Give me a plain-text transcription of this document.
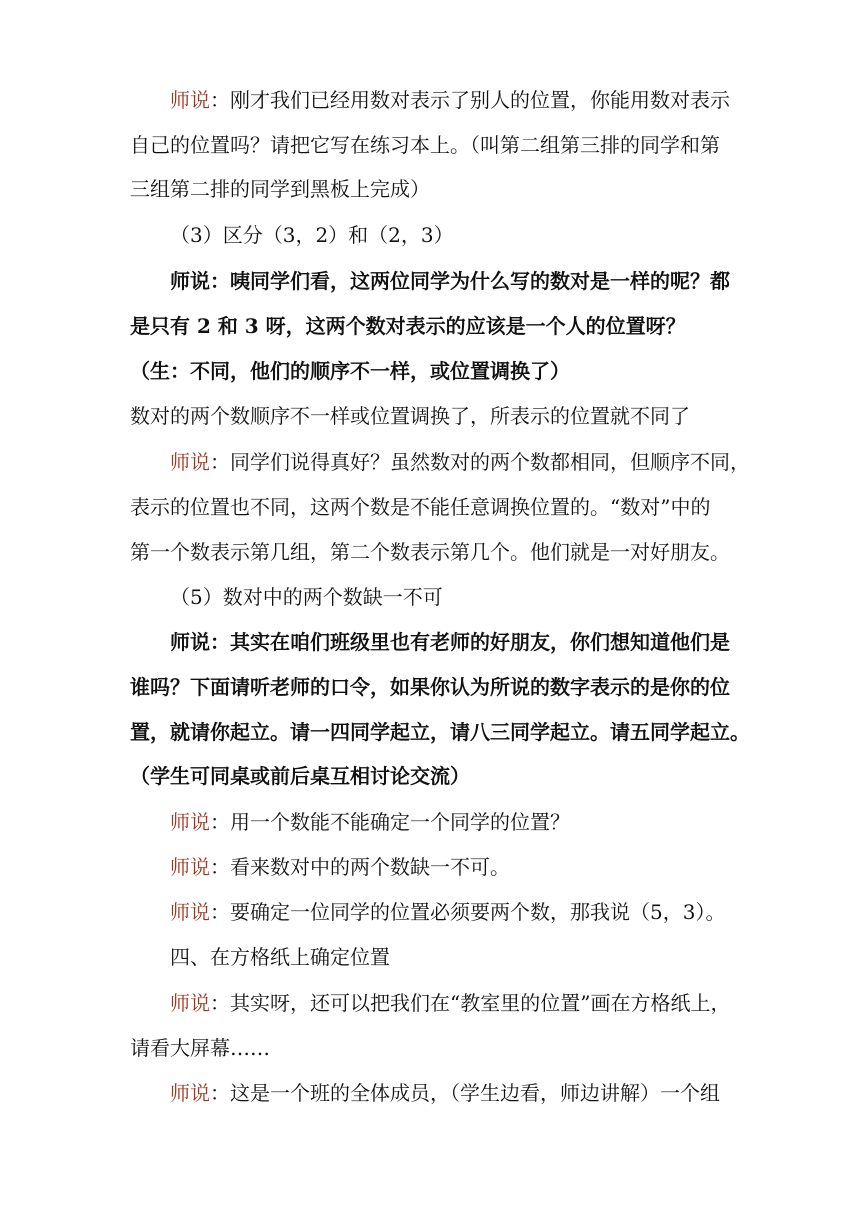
师说：刚才我们已经用数对表示了别人的位置，你能用数对表示
自己的位置吗？请把它写在练习本上。（叫第二组第三排的同学和第
三组第二排的同学到黑板上完成）
（3）区分（3，2）和（2，3）
师说：咦同学们看，这两位同学为什么写的数对是一样的呢？都
是只有 2 和 3 呀，这两个数对表示的应该是一个人的位置呀？
（生：不同，他们的顺序不一样，或位置调换了）
数对的两个数顺序不一样或位置调换了，所表示的位置就不同了
师说：同学们说得真好？虽然数对的两个数都相同，但顺序不同，
表示的位置也不同，这两个数是不能任意调换位置的。“数对”中的
第一个数表示第几组，第二个数表示第几个。他们就是一对好朋友。
（5）数对中的两个数缺一不可
师说：其实在咱们班级里也有老师的好朋友，你们想知道他们是
谁吗？下面请听老师的口令，如果你认为所说的数字表示的是你的位
置，就请你起立。请一四同学起立，请八三同学起立。请五同学起立。
（学生可同桌或前后桌互相讨论交流）
师说：用一个数能不能确定一个同学的位置？
师说：看来数对中的两个数缺一不可。
师说：要确定一位同学的位置必须要两个数，那我说（5，3）。
四、在方格纸上确定位置
师说：其实呀，还可以把我们在“教室里的位置”画在方格纸上，
请看大屏幕……
师说：这是一个班的全体成员，（学生边看，师边讲解）一个组
